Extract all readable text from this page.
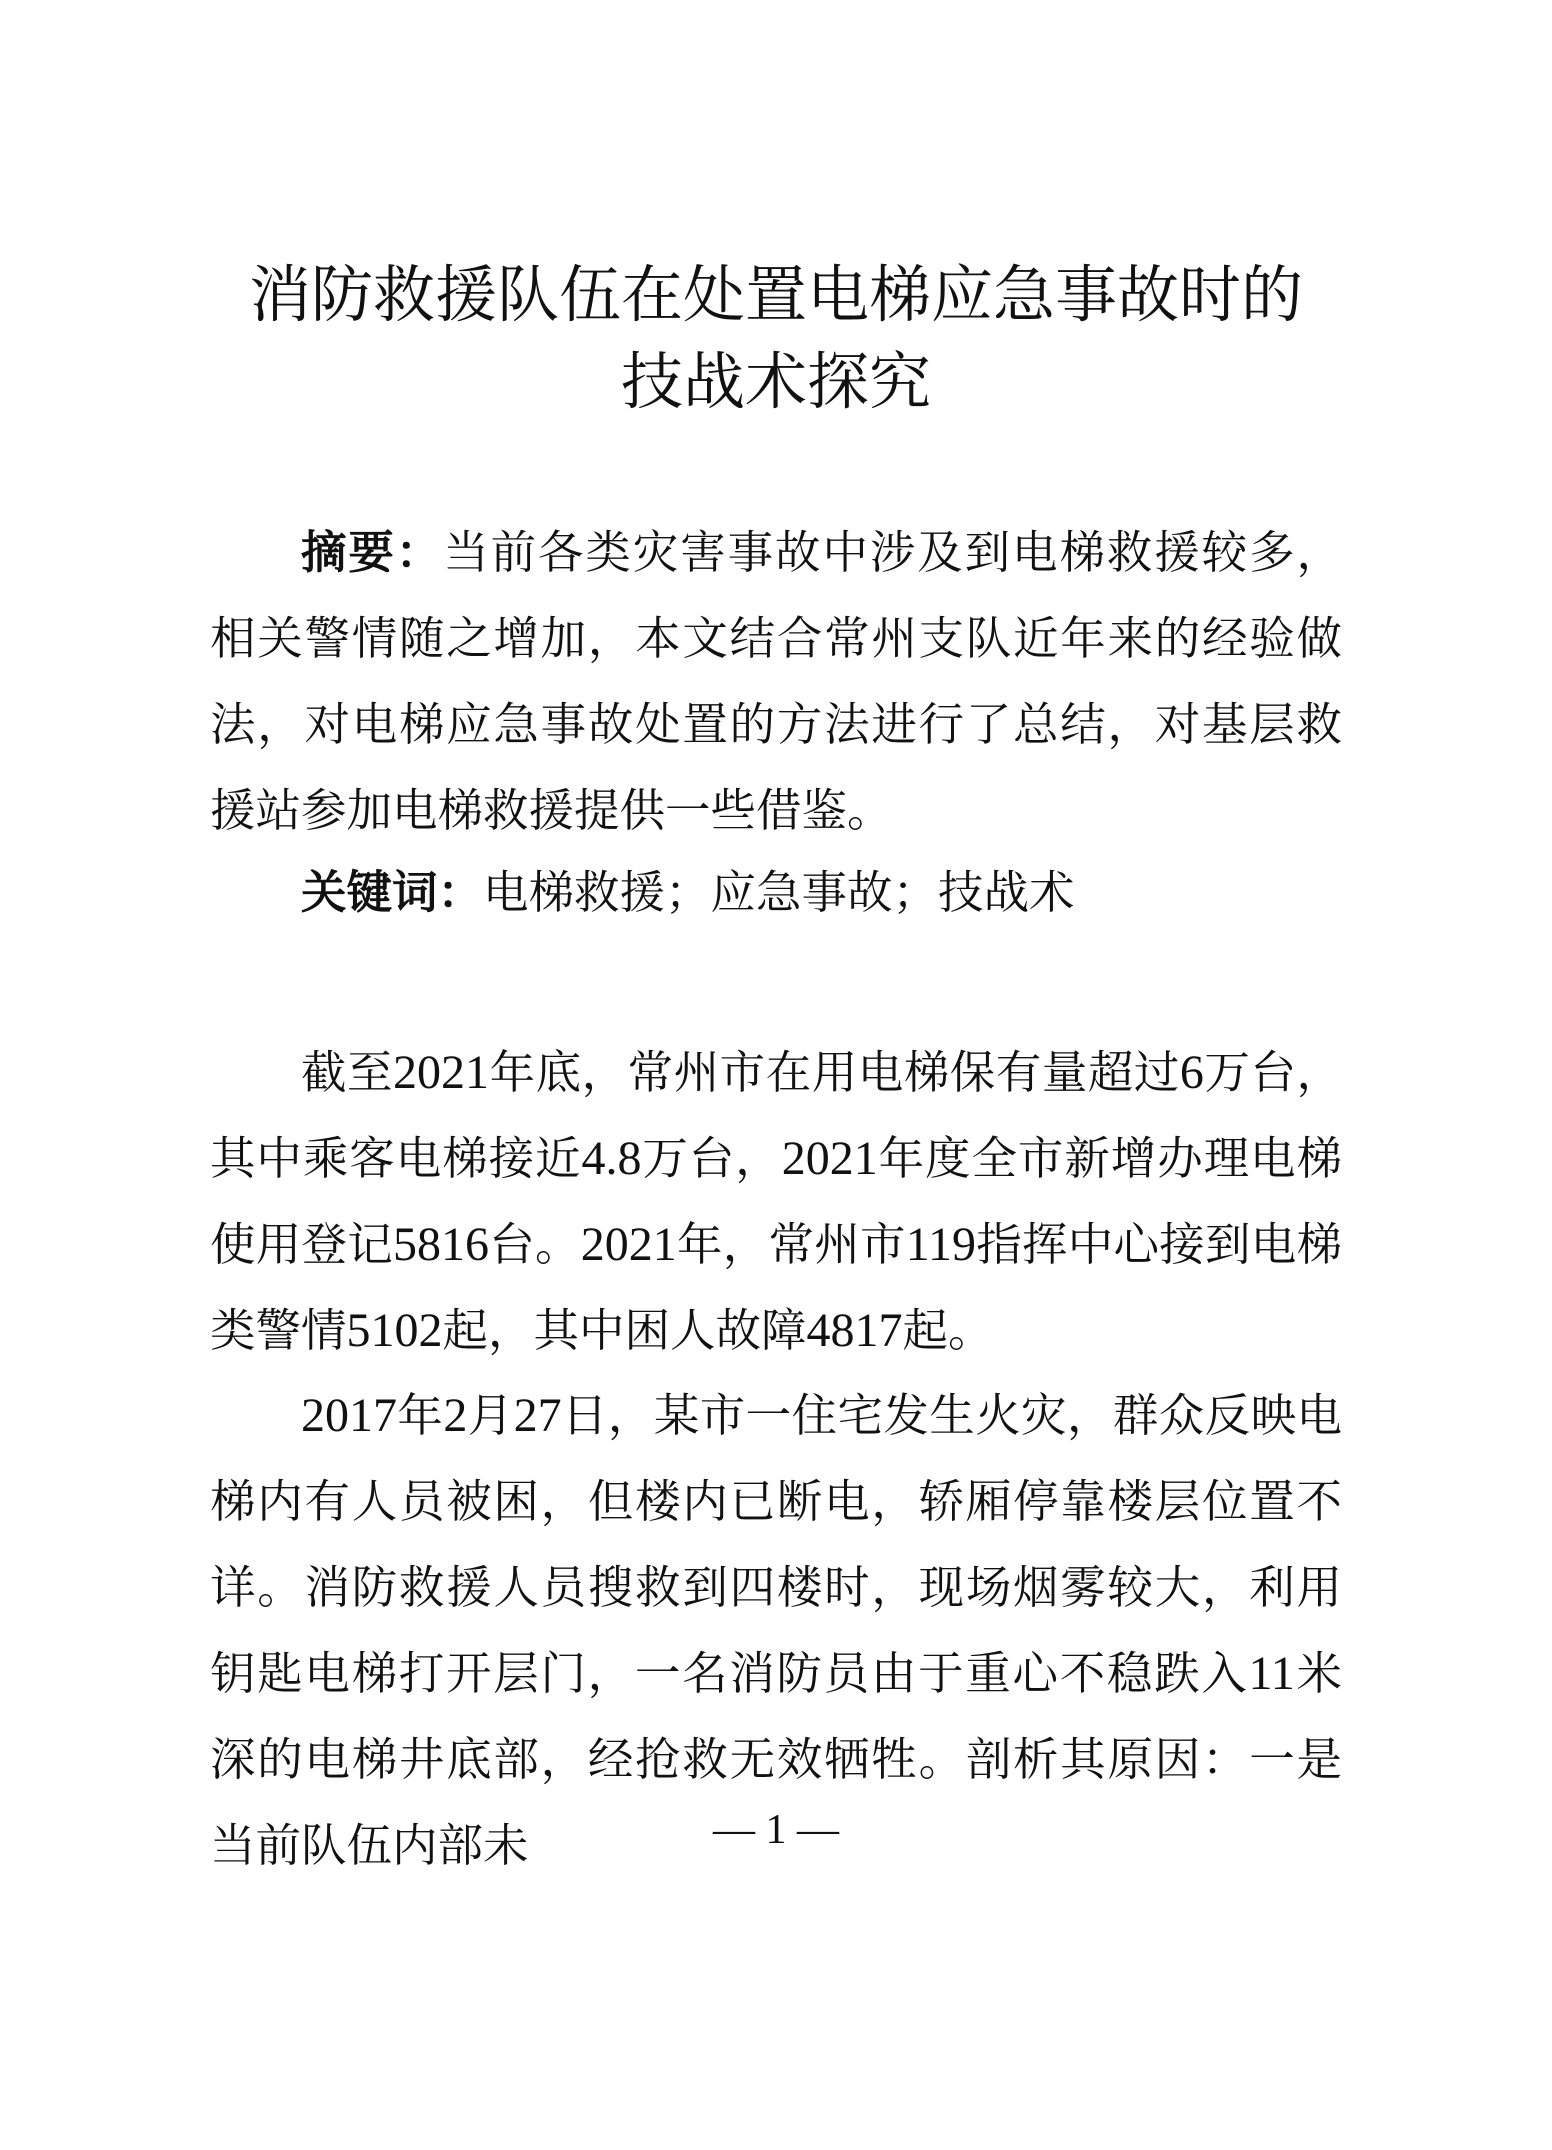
消防救援队伍在处置电梯应急事故时的
技战术探究

摘要：当前各类灾害事故中涉及到电梯救援较多，相关警情随之增加，本文结合常州支队近年来的经验做法，对电梯应急事故处置的方法进行了总结，对基层救援站参加电梯救援提供一些借鉴。

关键词：电梯救援；应急事故；技战术

截至2021年底，常州市在用电梯保有量超过6万台，其中乘客电梯接近4.8万台，2021年度全市新增办理电梯使用登记5816台。2021年，常州市119指挥中心接到电梯类警情5102起，其中困人故障4817起。

2017年2月27日，某市一住宅发生火灾，群众反映电梯内有人员被困，但楼内已断电，轿厢停靠楼层位置不详。消防救援人员搜救到四楼时，现场烟雾较大，利用钥匙电梯打开层门，一名消防员由于重心不稳跌入11米深的电梯井底部，经抢救无效牺牲。剖析其原因：一是当前队伍内部未	— 1 —
